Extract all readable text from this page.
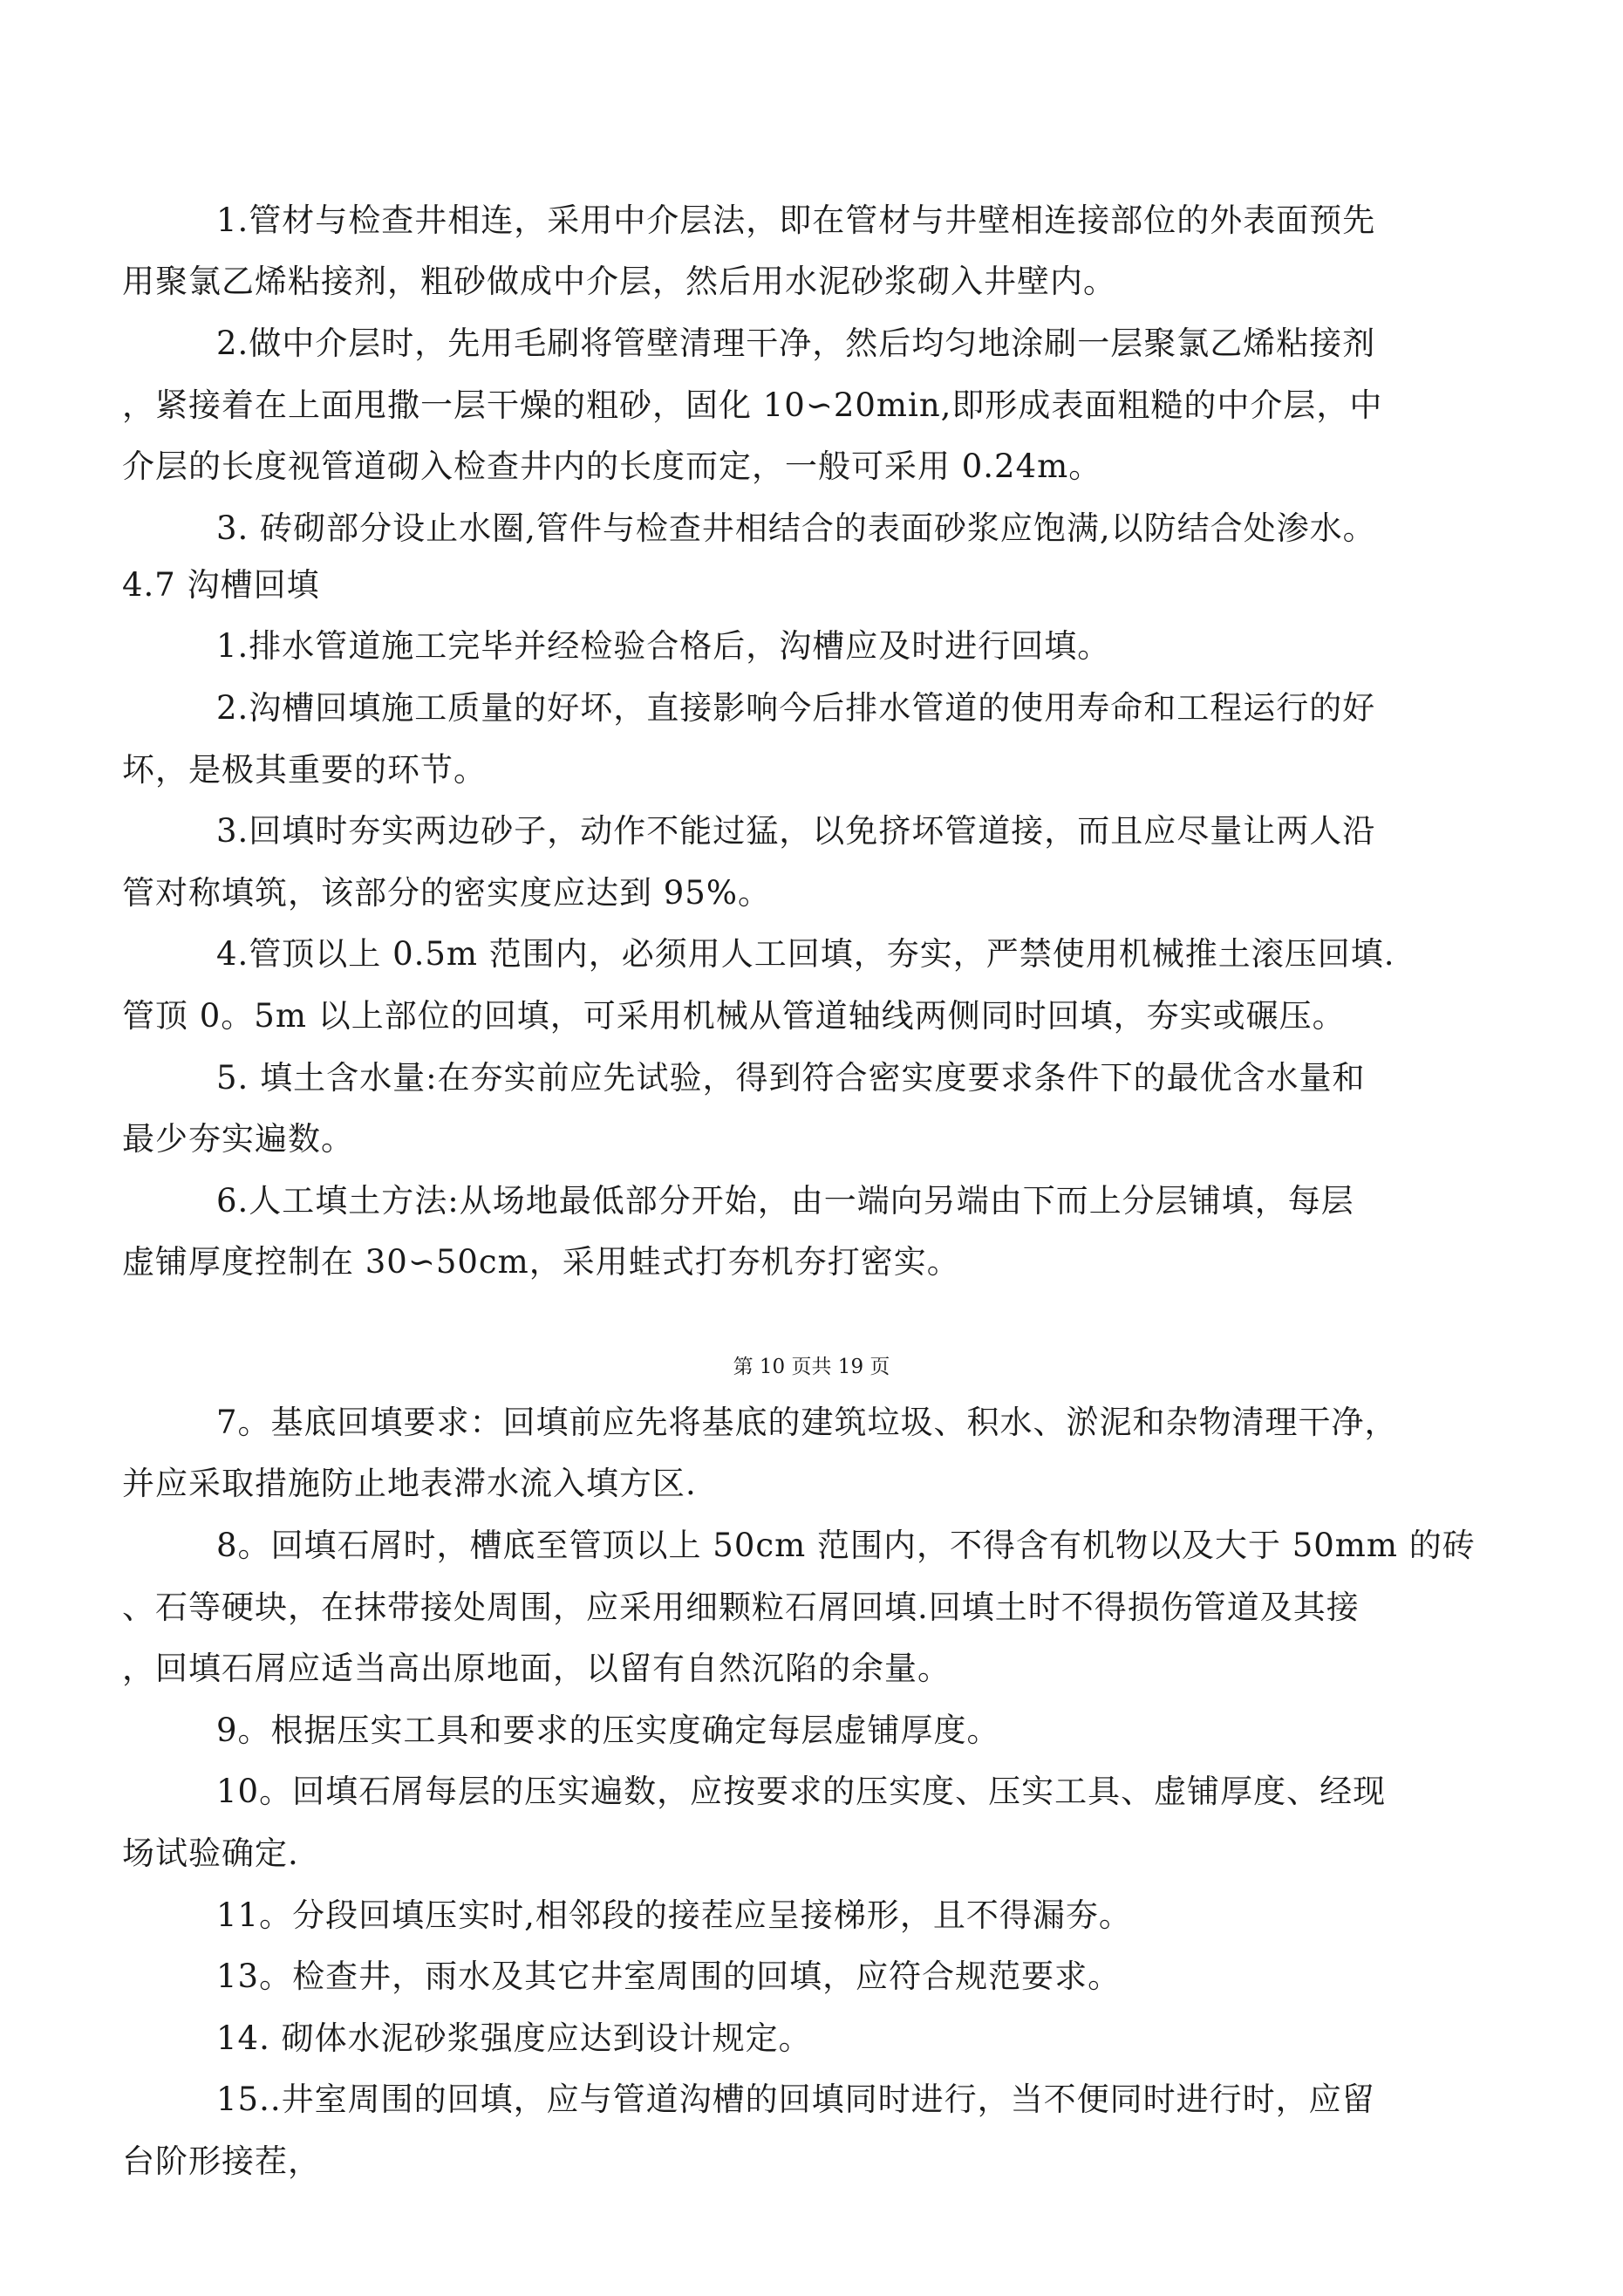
1.管材与检查井相连，采用中介层法，即在管材与井壁相连接部位的外表面预先
用聚氯乙烯粘接剂，粗砂做成中介层，然后用水泥砂浆砌入井壁内。
2.做中介层时，先用毛刷将管壁清理干净，然后均匀地涂刷一层聚氯乙烯粘接剂
，紧接着在上面甩撒一层干燥的粗砂，固化 10∽20min,即形成表面粗糙的中介层，中
介层的长度视管道砌入检查井内的长度而定，一般可采用 0.24m。
3. 砖砌部分设止水圈,管件与检查井相结合的表面砂浆应饱满,以防结合处渗水。
4.7 沟槽回填
1.排水管道施工完毕并经检验合格后，沟槽应及时进行回填。
2.沟槽回填施工质量的好坏，直接影响今后排水管道的使用寿命和工程运行的好
坏，是极其重要的环节。
3.回填时夯实两边砂子，动作不能过猛，以免挤坏管道接，而且应尽量让两人沿
管对称填筑，该部分的密实度应达到 95%。
4.管顶以上 0.5m 范围内，必须用人工回填，夯实，严禁使用机械推土滚压回填.
管顶 0。5m 以上部位的回填，可采用机械从管道轴线两侧同时回填，夯实或碾压。
5. 填土含水量:在夯实前应先试验，得到符合密实度要求条件下的最优含水量和
最少夯实遍数。
6.人工填土方法:从场地最低部分开始，由一端向另端由下而上分层铺填，每层
虚铺厚度控制在 30∽50cm，采用蛙式打夯机夯打密实。
第 10 页共 19 页
7。基底回填要求：回填前应先将基底的建筑垃圾、积水、淤泥和杂物清理干净，
并应采取措施防止地表滞水流入填方区.
8。回填石屑时，槽底至管顶以上 50cm 范围内，不得含有机物以及大于 50mm 的砖
、石等硬块，在抹带接处周围，应采用细颗粒石屑回填.回填土时不得损伤管道及其接
，回填石屑应适当高出原地面，以留有自然沉陷的余量。
9。根据压实工具和要求的压实度确定每层虚铺厚度。
10。回填石屑每层的压实遍数，应按要求的压实度、压实工具、虚铺厚度、经现
场试验确定.
11。分段回填压实时,相邻段的接茬应呈接梯形，且不得漏夯。
13。检查井，雨水及其它井室周围的回填，应符合规范要求。
14. 砌体水泥砂浆强度应达到设计规定。
15..井室周围的回填，应与管道沟槽的回填同时进行，当不便同时进行时，应留
台阶形接茬，
